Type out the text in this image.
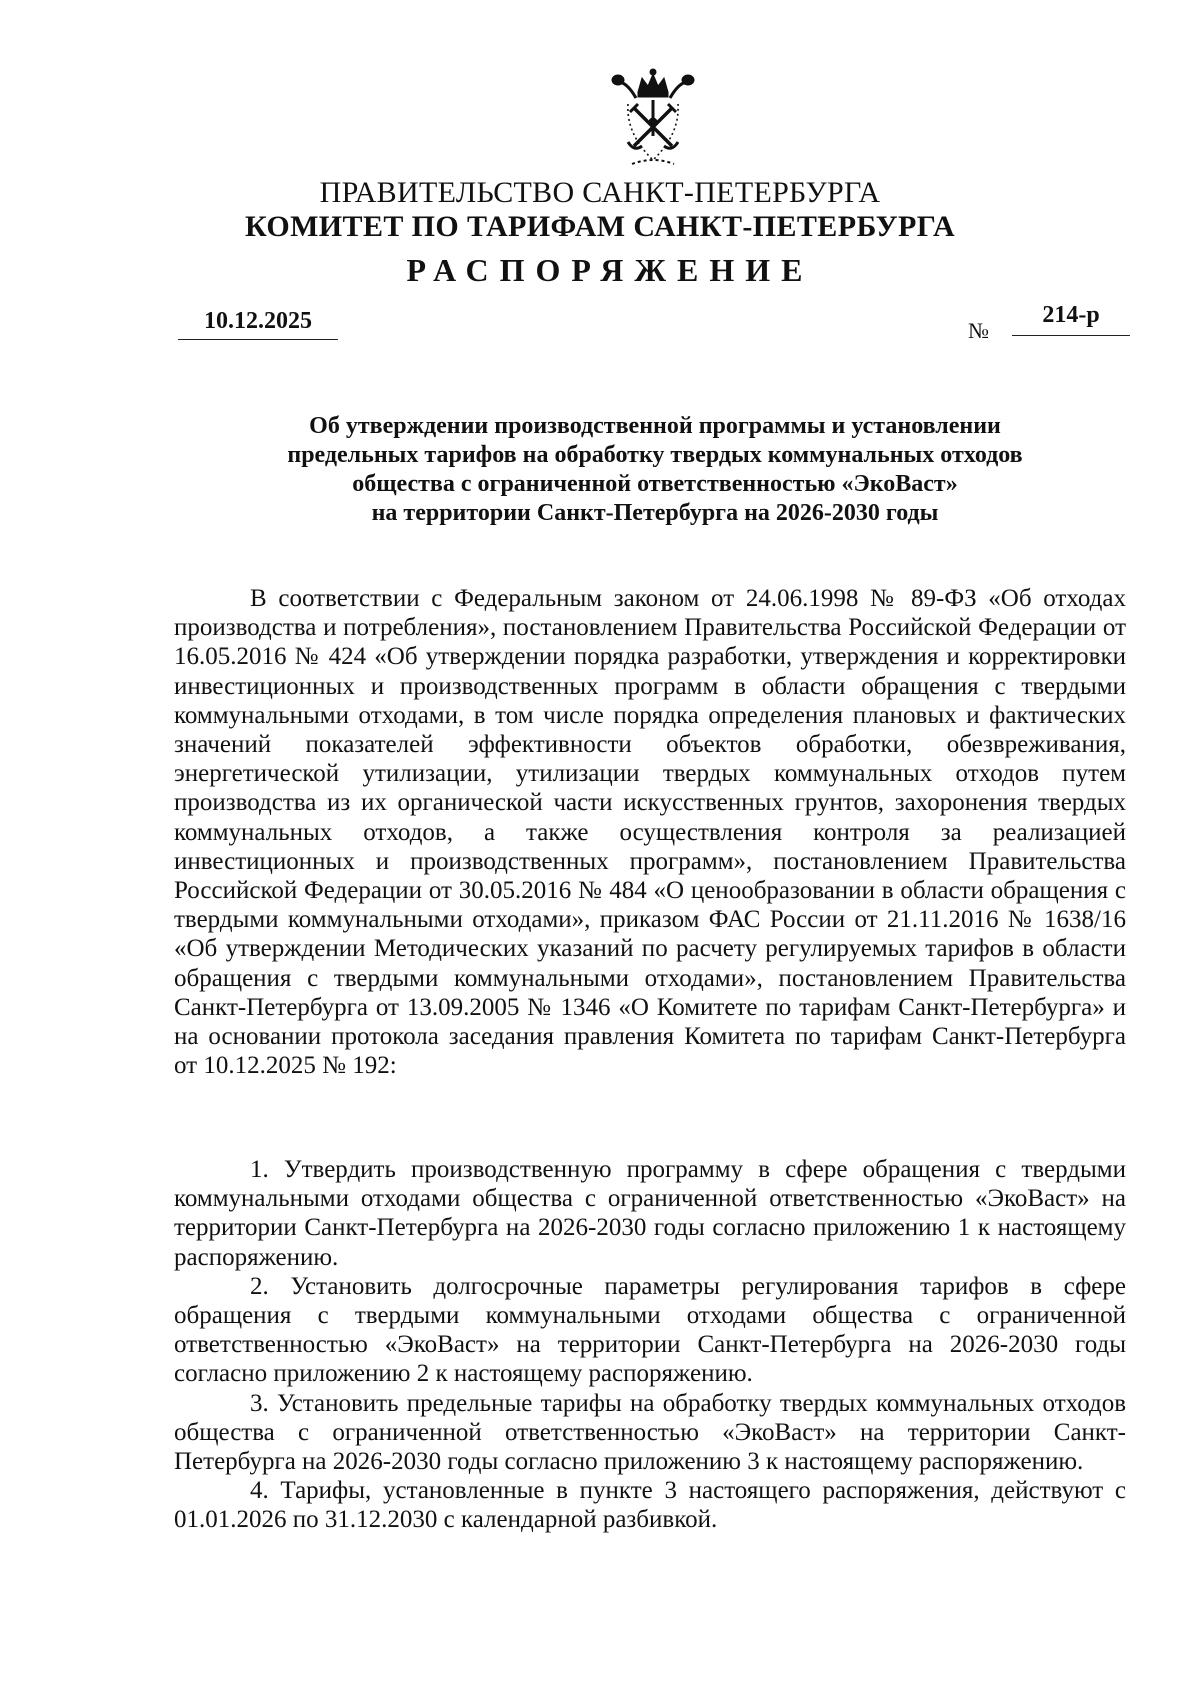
ПРАВИТЕЛЬСТВО САНКТ-ПЕТЕРБУРГА
КОМИТЕТ ПО ТАРИФАМ САНКТ-ПЕТЕРБУРГА
РАСПОРЯЖЕНИЕ
10.12.2025	№
214-р
Об утверждении производственной программы и установлении
предельных тарифов на обработку твердых коммунальных отходов
общества с ограниченной ответственностью «ЭкоВаст»
на территории Санкт-Петербурга на 2026-2030 годы

В соответствии с Федеральным законом от 24.06.1998 № 89-ФЗ «Об отходах производства и потребления», постановлением Правительства Российской Федерации от 16.05.2016 № 424 «Об утверждении порядка разработки, утверждения и корректировки инвестиционных и производственных программ в области обращения с твердыми коммунальными отходами, в том числе порядка определения плановых и фактических значений показателей эффективности объектов обработки, обезвреживания, энергетической утилизации, утилизации твердых коммунальных отходов путем производства из их органической части искусственных грунтов, захоронения твердых коммунальных отходов, а также осуществления контроля за реализацией инвестиционных и производственных программ», постановлением Правительства Российской Федерации от 30.05.2016 № 484 «О ценообразовании в области обращения с твердыми коммунальными отходами», приказом ФАС России от 21.11.2016 № 1638/16 «Об утверждении Методических указаний по расчету регулируемых тарифов в области обращения с твердыми коммунальными отходами», постановлением Правительства Санкт-Петербурга от 13.09.2005 № 1346 «О Комитете по тарифам Санкт-Петербурга» и на основании протокола заседания правления Комитета по тарифам Санкт-Петербурга от 10.12.2025 № 192:

1. Утвердить производственную программу в сфере обращения с твердыми коммунальными отходами общества с ограниченной ответственностью «ЭкоВаст» на территории Санкт-Петербурга на 2026-2030 годы согласно приложению 1 к настоящему распоряжению.

2. Установить долгосрочные параметры регулирования тарифов в сфере обращения с твердыми коммунальными отходами общества с ограниченной ответственностью «ЭкоВаст» на территории Санкт-Петербурга на 2026-2030 годы согласно приложению 2 к настоящему распоряжению.

3. Установить предельные тарифы на обработку твердых коммунальных отходов общества с ограниченной ответственностью «ЭкоВаст» на территории Санкт-Петербурга на 2026-2030 годы согласно приложению 3 к настоящему распоряжению.

4. Тарифы, установленные в пункте 3 настоящего распоряжения, действуют с 01.01.2026 по 31.12.2030 с календарной разбивкой.
